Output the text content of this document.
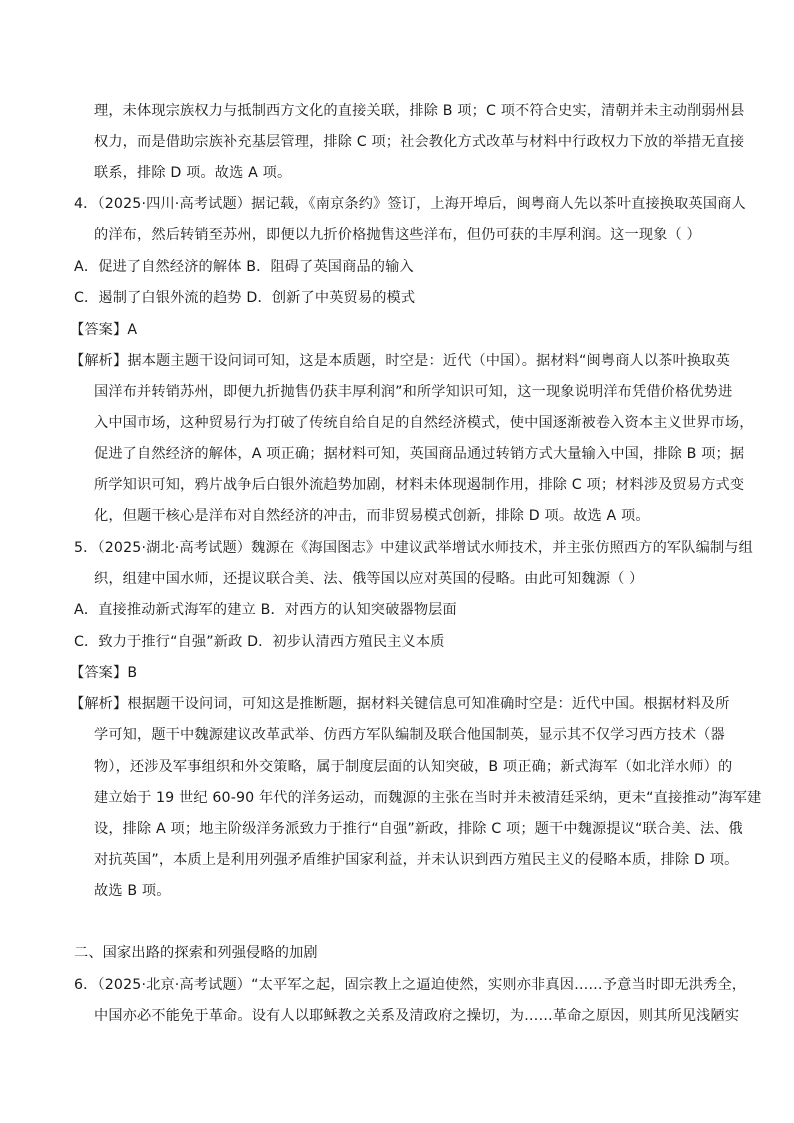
理，未体现宗族权力与抵制西方文化的直接关联，排除 B 项；C 项不符合史实，清朝并未主动削弱州县
权力，而是借助宗族补充基层管理，排除 C 项；社会教化方式改革与材料中行政权力下放的举措无直接
联系，排除 D 项。故选 A 项。
4．（2025·四川·高考试题）据记载，《南京条约》签订，上海开埠后，闽粤商人先以茶叶直接换取英国商人
的洋布，然后转销至苏州，即便以九折价格抛售这些洋布，但仍可获的丰厚利润。这一现象（ ）
A．促进了自然经济的解体 B．阻碍了英国商品的输入
C．遏制了白银外流的趋势 D．创新了中英贸易的模式
【答案】A
【解析】据本题主题干设问词可知，这是本质题，时空是：近代（中国）。据材料“闽粤商人以茶叶换取英
国洋布并转销苏州，即便九折抛售仍获丰厚利润”和所学知识可知，这一现象说明洋布凭借价格优势进
入中国市场，这种贸易行为打破了传统自给自足的自然经济模式，使中国逐渐被卷入资本主义世界市场，
促进了自然经济的解体，A 项正确；据材料可知，英国商品通过转销方式大量输入中国，排除 B 项；据
所学知识可知，鸦片战争后白银外流趋势加剧，材料未体现遏制作用，排除 C 项；材料涉及贸易方式变
化，但题干核心是洋布对自然经济的冲击，而非贸易模式创新，排除 D 项。故选 A 项。
5．（2025·湖北·高考试题）魏源在《海国图志》中建议武举增试水师技术，并主张仿照西方的军队编制与组
织，组建中国水师，还提议联合美、法、俄等国以应对英国的侵略。由此可知魏源（ ）
A．直接推动新式海军的建立 B．对西方的认知突破器物层面
C．致力于推行“自强”新政 D．初步认清西方殖民主义本质
【答案】B
【解析】根据题干设问词，可知这是推断题，据材料关键信息可知准确时空是：近代中国。根据材料及所
学可知，题干中魏源建议改革武举、仿西方军队编制及联合他国制英，显示其不仅学习西方技术（器
物），还涉及军事组织和外交策略，属于制度层面的认知突破，B 项正确；新式海军（如北洋水师）的
建立始于 19 世纪 60-90 年代的洋务运动，而魏源的主张在当时并未被清廷采纳，更未“直接推动”海军建
设，排除 A 项；地主阶级洋务派致力于推行“自强”新政，排除 C 项；题干中魏源提议“联合美、法、俄
对抗英国”，本质上是利用列强矛盾维护国家利益，并未认识到西方殖民主义的侵略本质，排除 D 项。
故选 B 项。
二、国家出路的探索和列强侵略的加剧
6．（2025·北京·高考试题）“太平军之起，固宗教上之逼迫使然，实则亦非真因……予意当时即无洪秀全，
中国亦必不能免于革命。设有人以耶稣教之关系及清政府之操切，为……革命之原因，则其所见浅陋实
